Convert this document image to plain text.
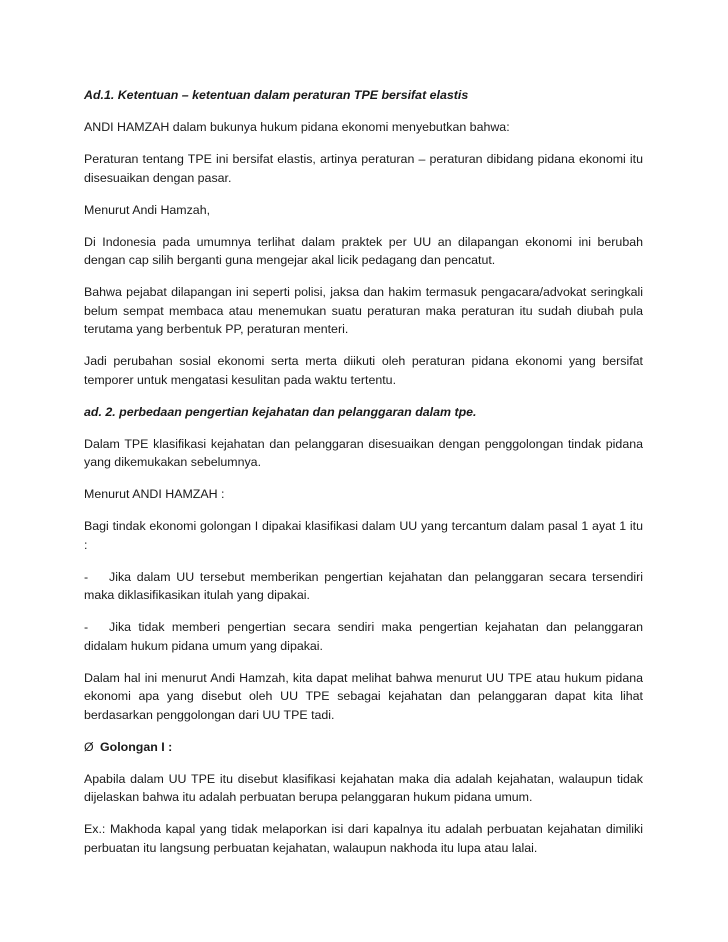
Ad.1. Ketentuan – ketentuan dalam peraturan TPE bersifat elastis

ANDI HAMZAH dalam bukunya hukum pidana ekonomi menyebutkan bahwa:

Peraturan tentang TPE ini bersifat elastis, artinya peraturan – peraturan dibidang pidana ekonomi itu disesuaikan dengan pasar.

Menurut Andi Hamzah,

Di Indonesia pada umumnya terlihat dalam praktek per UU an dilapangan ekonomi ini berubah dengan cap silih berganti guna mengejar akal licik pedagang dan pencatut.

Bahwa pejabat dilapangan ini seperti polisi, jaksa dan hakim termasuk pengacara/advokat seringkali belum sempat membaca atau menemukan suatu peraturan maka peraturan itu sudah diubah pula terutama yang berbentuk PP, peraturan menteri.

Jadi perubahan sosial ekonomi serta merta diikuti oleh peraturan pidana ekonomi yang bersifat temporer untuk mengatasi kesulitan pada waktu tertentu.

ad. 2. perbedaan pengertian kejahatan dan pelanggaran dalam tpe.

Dalam TPE klasifikasi kejahatan dan pelanggaran disesuaikan dengan penggolongan tindak pidana yang dikemukakan sebelumnya.

Menurut ANDI HAMZAH :

Bagi tindak ekonomi golongan I dipakai klasifikasi dalam UU yang tercantum dalam pasal 1 ayat 1 itu :

- Jika dalam UU tersebut memberikan pengertian kejahatan dan pelanggaran secara tersendiri maka diklasifikasikan itulah yang dipakai.

- Jika tidak memberi pengertian secara sendiri maka pengertian kejahatan dan pelanggaran didalam hukum pidana umum yang dipakai.

Dalam hal ini menurut Andi Hamzah, kita dapat melihat bahwa menurut UU TPE atau hukum pidana ekonomi apa yang disebut oleh UU TPE sebagai kejahatan dan pelanggaran dapat kita lihat berdasarkan penggolongan dari UU TPE tadi.

Ø Golongan I :

Apabila dalam UU TPE itu disebut klasifikasi kejahatan maka dia adalah kejahatan, walaupun tidak dijelaskan bahwa itu adalah perbuatan berupa pelanggaran hukum pidana umum.

Ex.: Makhoda kapal yang tidak melaporkan isi dari kapalnya itu adalah perbuatan kejahatan dimiliki perbuatan itu langsung perbuatan kejahatan, walaupun nakhoda itu lupa atau lalai.
